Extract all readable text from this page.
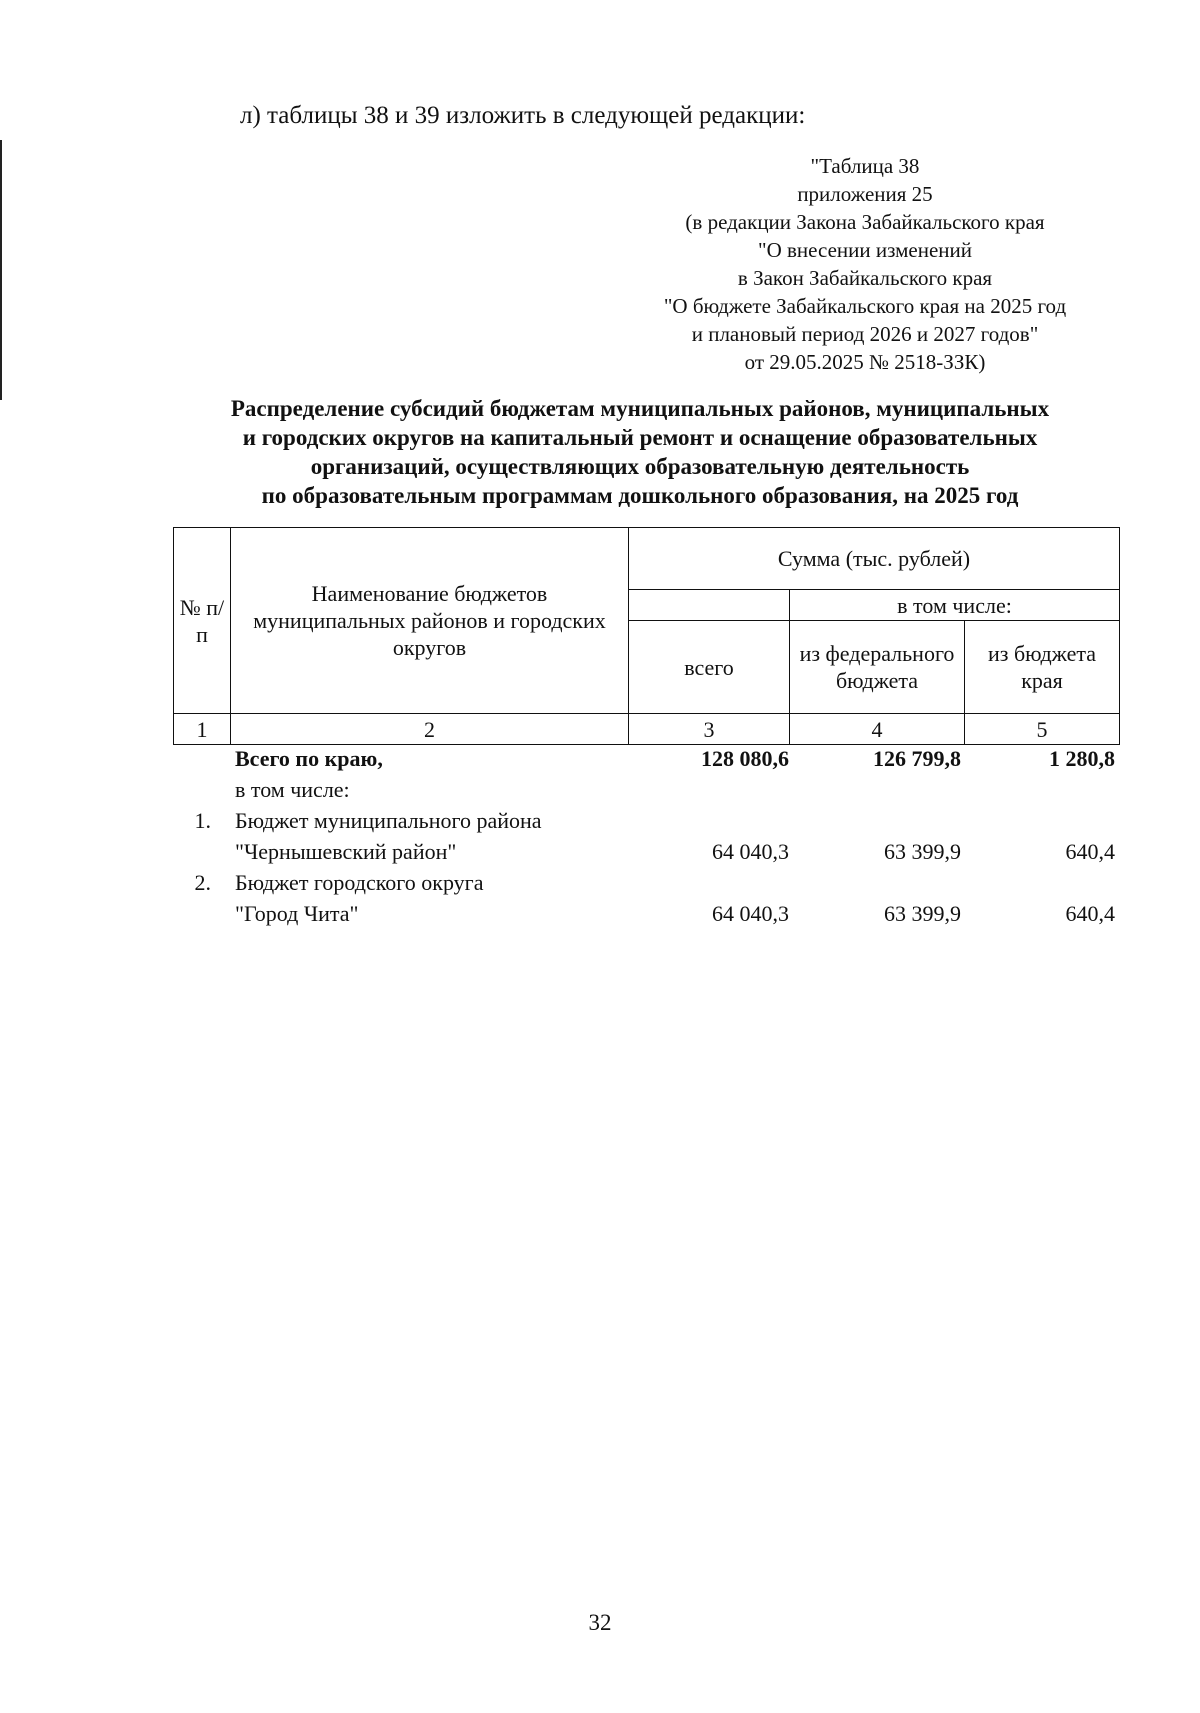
л) таблицы 38 и 39 изложить в следующей редакции:
"Таблица 38
приложения 25
(в редакции Закона Забайкальского края
"О внесении изменений
в Закон Забайкальского края
"О бюджете Забайкальского края на 2025 год
и плановый период 2026 и 2027 годов"
от 29.05.2025 № 2518-ЗЗК)
Распределение субсидий бюджетам муниципальных районов, муниципальных
и городских округов на капитальный ремонт и оснащение образовательных
организаций, осуществляющих образовательную деятельность
по образовательным программам дошкольного образования, на 2025 год
№ п/п	Наименование бюджетов муниципальных районов и городских округов	Сумма (тыс. рублей)		
			в том числе:	
		всего	из федерального бюджета	из бюджета края
1	2	3	4	5
Всего по краю,	128 080,6	126 799,8	1 280,8
в том числе:
1. Бюджет муниципального района
"Чернышевский район"	64 040,3	63 399,9	640,4
2. Бюджет городского округа
"Город Чита"	64 040,3	63 399,9	640,4
32
